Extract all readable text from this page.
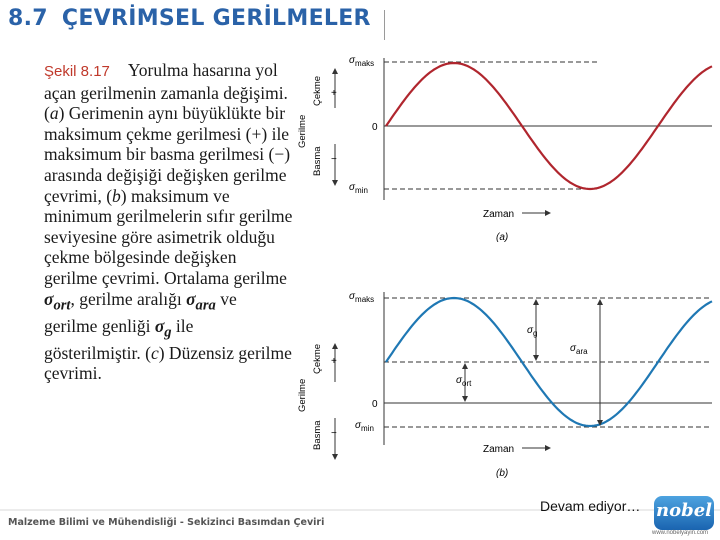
8.7 ÇEVRİMSEL GERİLMELER
Şekil 8.17 Yorulma hasarına yol açan gerilmenin zamanla değişimi. (a) Gerimenin aynı büyüklükte bir maksimum çekme gerilmesi (+) ile maksimum bir basma gerilmesi (−) arasında değişiği değişken gerilme çevrimi, (b) maksimum ve minimum gerilmelerin sıfır gerilme seviyesine göre asimetrik olduğu çekme bölgesinde değişken gerilme çevrimi. Ortalama gerilme $\sigma_{ort}$, gerilme aralığı $\sigma_{ara}$ ve gerilme genliği $\sigma_g$ ile gösterilmiştir. (c) Düzensiz gerilme çevrimi.
$\sigma_{maks}$
$\sigma_{min}$
0
Gerilme
Çekme
Basma
+
−
Zaman
(a)
$\sigma_g$
$\sigma_{ara}$
$\sigma_{ort}$
$\sigma_{maks}$
$\sigma_{min}$
0
Gerilme
Çekme
Basma
+
−
Zaman
(b)
Malzeme Bilimi ve Mühendisliği - Sekizinci Basımdan Çeviri
Devam ediyor… nobel
www.nobelyayin.com
